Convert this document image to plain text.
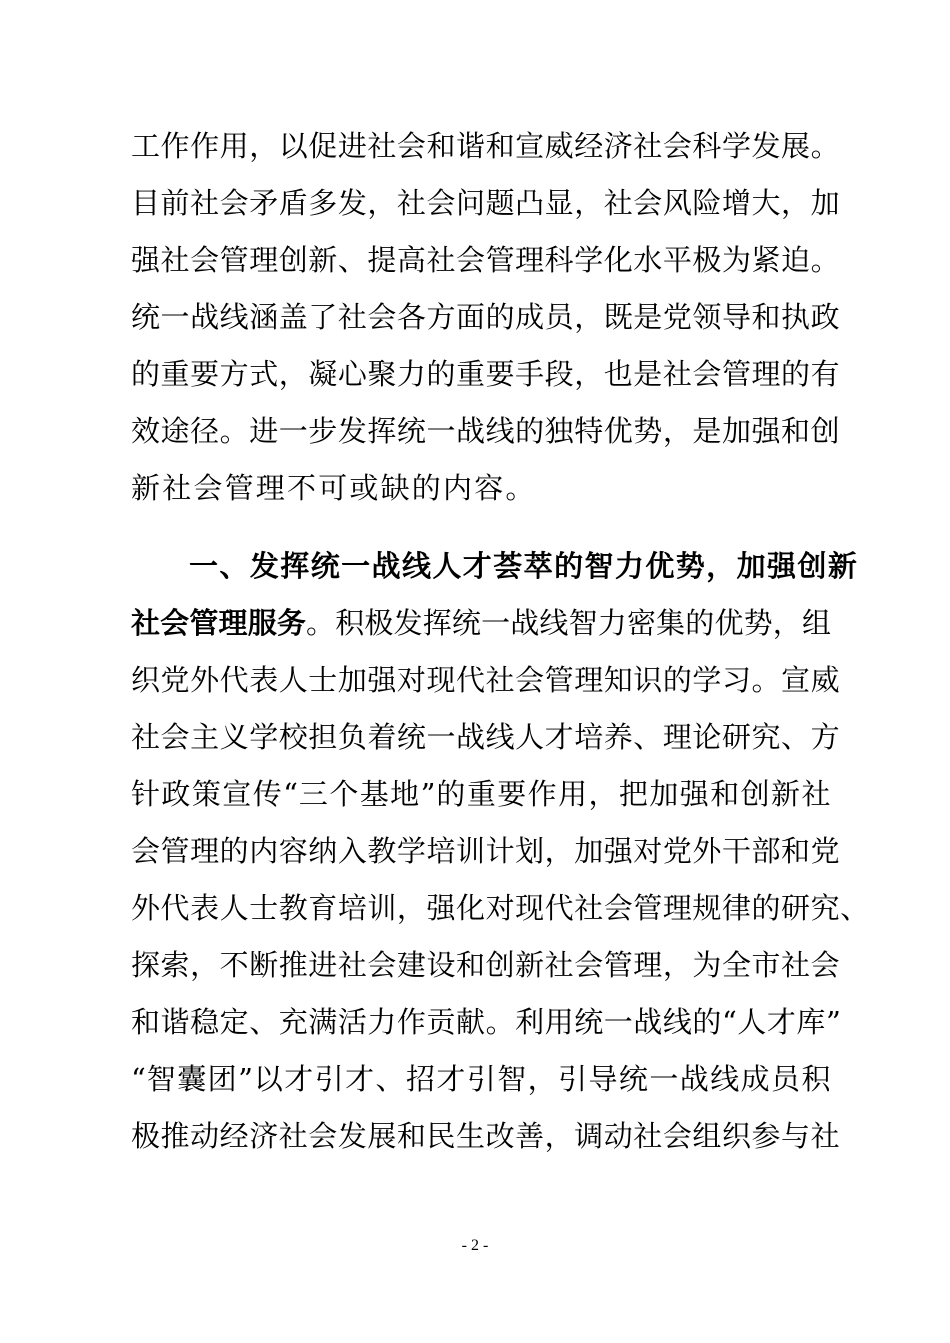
工 作 作 用 ， 以 促 进 社 会 和 谐 和 宣 威 经 济 社 会 科 学 发 展 。
目 前 社 会 矛 盾 多 发 ， 社 会 问 题 凸 显 ， 社 会 风 险 增 大 ， 加
强 社 会 管 理 创 新 、 提 高 社 会 管 理 科 学 化 水 平 极 为 紧 迫 。
统 一 战 线 涵 盖 了 社 会 各 方 面 的 成 员 ， 既 是 党 领 导 和 执 政
的 重 要 方 式 ， 凝 心 聚 力 的 重 要 手 段 ， 也 是 社 会 管 理 的 有
效 途 径 。 进 一 步 发 挥 统 一 战 线 的 独 特 优 势 ， 是 加 强 和 创
新社会管理不可或缺的内容。
一 、 发 挥 统 一 战 线 人 才 荟 萃 的 智 力 优 势 ， 加 强 创 新
社会管理服务。积极发挥统一战线智力密集的优势，组
织 党 外 代 表 人 士 加 强 对 现 代 社 会 管 理 知 识 的 学 习 。 宣 威
社 会 主 义 学 校 担 负 着 统 一 战 线 人 才 培 养 、 理 论 研 究 、 方
针 政 策 宣 传 “ 三 个 基 地 ” 的 重 要 作 用 ， 把 加 强 和 创 新 社
会 管 理 的 内 容 纳 入 教 学 培 训 计 划 ， 加 强 对 党 外 干 部 和 党
外 代 表 人 士 教 育 培 训 ， 强 化 对 现 代 社 会 管 理 规 律 的 研 究 、
探 索 ， 不 断 推 进 社 会 建 设 和 创 新 社 会 管 理 ， 为 全 市 社 会
和 谐 稳 定 、 充 满 活 力 作 贡 献 。 利 用 统 一 战 线 的 “ 人 才 库 ”
“ 智 囊 团 ” 以 才 引 才 、 招 才 引 智 ， 引 导 统 一 战 线 成 员 积
极 推 动 经 济 社 会 发 展 和 民 生 改 善 ， 调 动 社 会 组 织 参 与 社
- 2 -
